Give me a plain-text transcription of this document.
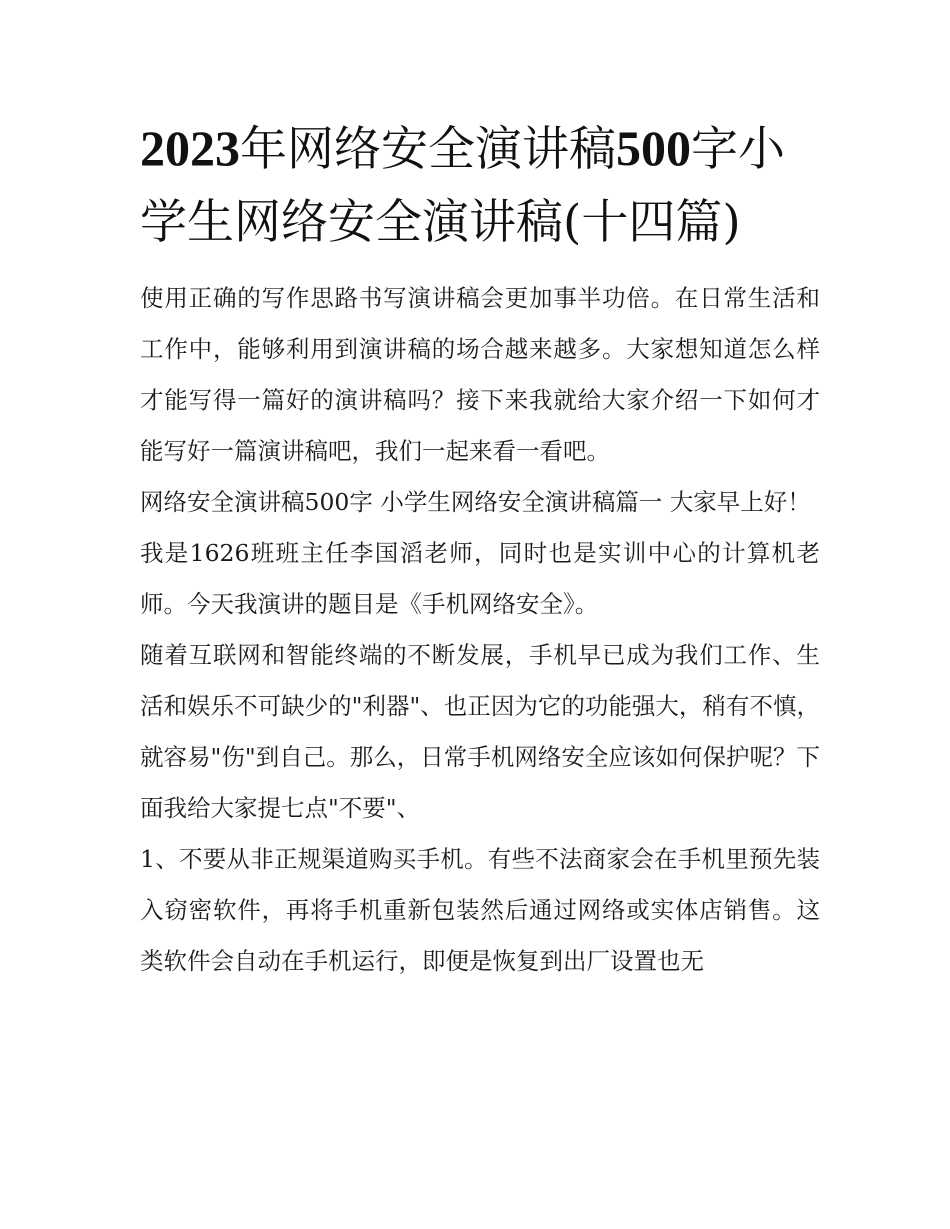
2023年网络安全演讲稿500字小学生网络安全演讲稿(十四篇)

使用正确的写作思路书写演讲稿会更加事半功倍。在日常生活和工作中，能够利用到演讲稿的场合越来越多。大家想知道怎么样才能写得一篇好的演讲稿吗？接下来我就给大家介绍一下如何才能写好一篇演讲稿吧，我们一起来看一看吧。

网络安全演讲稿500字 小学生网络安全演讲稿篇一 大家早上好！

我是1626班班主任李国滔老师，同时也是实训中心的计算机老师。今天我演讲的题目是《手机网络安全》。

随着互联网和智能终端的不断发展，手机早已成为我们工作、生活和娱乐不可缺少的"利器"、也正因为它的功能强大，稍有不慎，就容易"伤"到自己。那么，日常手机网络安全应该如何保护呢？下面我给大家提七点"不要"、

1、不要从非正规渠道购买手机。有些不法商家会在手机里预先装入窃密软件，再将手机重新包装然后通过网络或实体店销售。这类软件会自动在手机运行，即便是恢复到出厂设置也无
